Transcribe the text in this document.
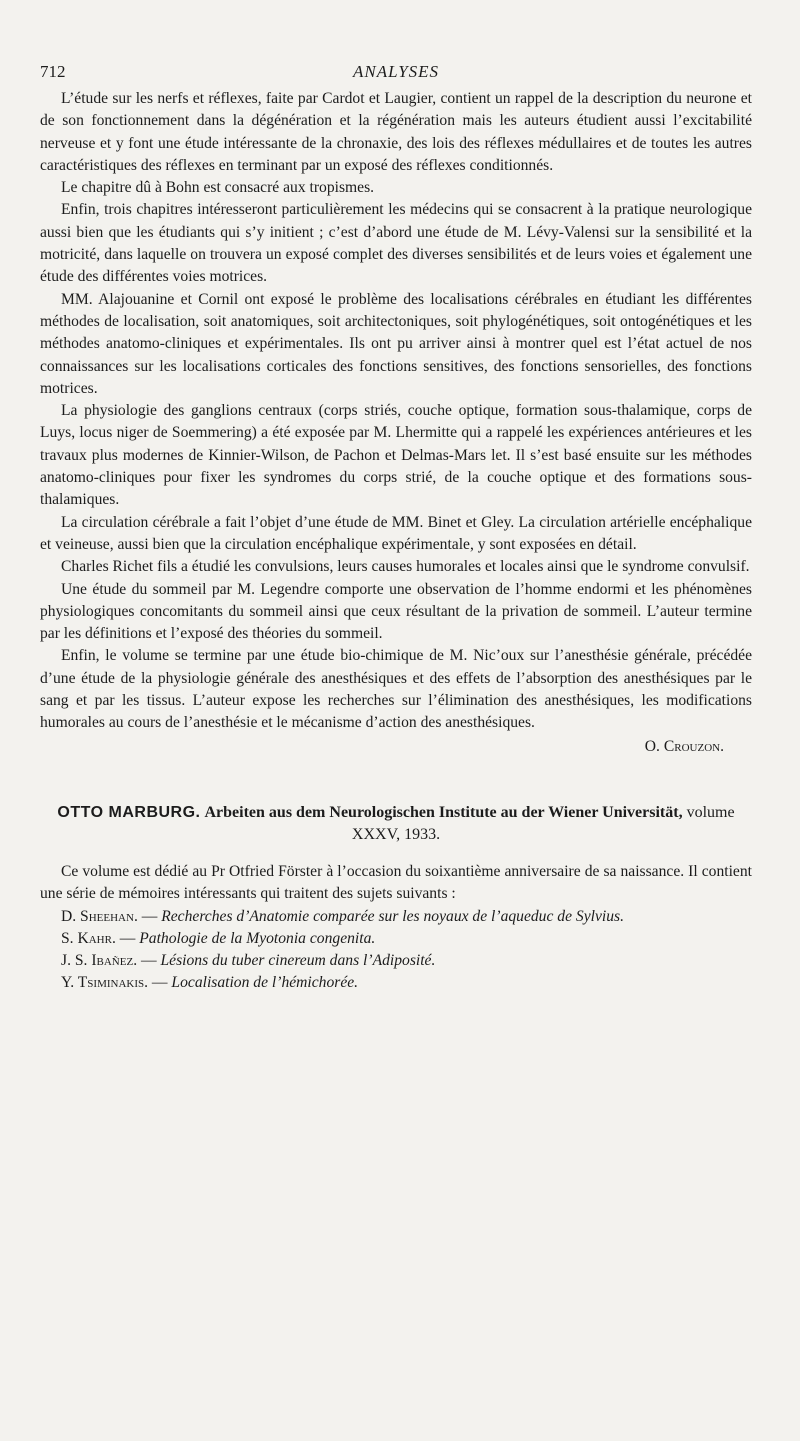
712	ANALYSES

L’étude sur les nerfs et réflexes, faite par Cardot et Laugier, contient un rappel de la description du neurone et de son fonctionnement dans la dégénération et la régénération mais les auteurs étudient aussi l’excitabilité nerveuse et y font une étude intéressante de la chronaxie, des lois des réflexes médullaires et de toutes les autres caractéristiques des réflexes en terminant par un exposé des réflexes conditionnés.

Le chapitre dû à Bohn est consacré aux tropismes.

Enfin, trois chapitres intéresseront particulièrement les médecins qui se consacrent à la pratique neurologique aussi bien que les étudiants qui s’y initient ; c’est d’abord une étude de M. Lévy-Valensi sur la sensibilité et la motricité, dans laquelle on trouvera un exposé complet des diverses sensibilités et de leurs voies et également une étude des différentes voies motrices.

MM. Alajouanine et Cornil ont exposé le problème des localisations cérébrales en étudiant les différentes méthodes de localisation, soit anatomiques, soit architectoniques, soit phylogénétiques, soit ontogénétiques et les méthodes anatomo-cliniques et expérimentales. Ils ont pu arriver ainsi à montrer quel est l’état actuel de nos connaissances sur les localisations corticales des fonctions sensitives, des fonctions sensorielles, des fonctions motrices.

La physiologie des ganglions centraux (corps striés, couche optique, formation sous-thalamique, corps de Luys, locus niger de Soemmering) a été exposée par M. Lhermitte qui a rappelé les expériences antérieures et les travaux plus modernes de Kinnier-Wilson, de Pachon et Delmas-Mars let. Il s’est basé ensuite sur les méthodes anatomo-cliniques pour fixer les syndromes du corps strié, de la couche optique et des formations sous-thalamiques.

La circulation cérébrale a fait l’objet d’une étude de MM. Binet et Gley. La circulation artérielle encéphalique et veineuse, aussi bien que la circulation encéphalique expérimentale, y sont exposées en détail.

Charles Richet fils a étudié les convulsions, leurs causes humorales et locales ainsi que le syndrome convulsif.

Une étude du sommeil par M. Legendre comporte une observation de l’homme endormi et les phénomènes physiologiques concomitants du sommeil ainsi que ceux résultant de la privation de sommeil. L’auteur termine par les définitions et l’exposé des théories du sommeil.

Enfin, le volume se termine par une étude bio-chimique de M. Nic’oux sur l’anesthésie générale, précédée d’une étude de la physiologie générale des anesthésiques et des effets de l’absorption des anesthésiques par le sang et par les tissus. L’auteur expose les recherches sur l’élimination des anesthésiques, les modifications humorales au cours de l’anesthésie et le mécanisme d’action des anesthésiques.

O. Crouzon.
OTTO MARBURG. Arbeiten aus dem Neurologischen Institute au der Wiener Universität, volume XXXV, 1933.

Ce volume est dédié au Pr Otfried Förster à l’occasion du soixantième anniversaire de sa naissance. Il contient une série de mémoires intéressants qui traitent des sujets suivants :

D. Sheehan. — Recherches d’Anatomie comparée sur les noyaux de l’aqueduc de Sylvius.

S. Kahr. — Pathologie de la Myotonia congenita.

J. S. Ibañez. — Lésions du tuber cinereum dans l’Adiposité.

Y. Tsiminakis. — Localisation de l’hémichorée.
